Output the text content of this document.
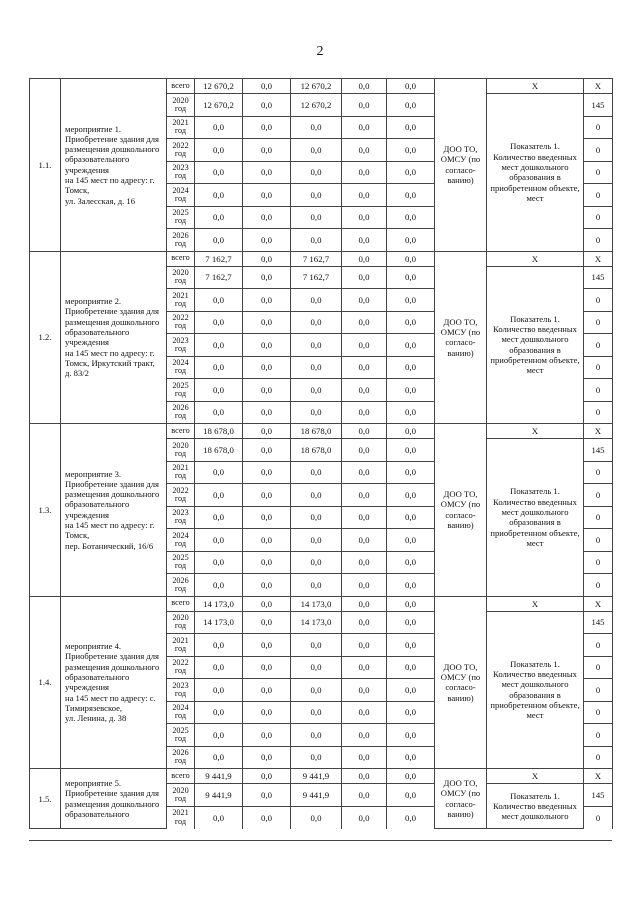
2
1.1.	мероприятие 1.
Приобретение здания для размещения дошкольного образовательного учреждения
на 145 мест по адресу: г. Томск,
ул. Залесская, д. 16	всего	12 670,2	0,0	12 670,2	0,0	0,0	ДОО ТО, ОМСУ (по согласо-ванию)	Х	Х
		2020
год	12 670,2	0,0	12 670,2	0,0	0,0		Показатель 1. Количество введенных мест дошкольного образования в приобретенном объекте, мест	145
		2021
год	0,0	0,0	0,0	0,0	0,0			0
		2022
год	0,0	0,0	0,0	0,0	0,0			0
		2023
год	0,0	0,0	0,0	0,0	0,0			0
		2024
год	0,0	0,0	0,0	0,0	0,0			0
		2025
год	0,0	0,0	0,0	0,0	0,0			0
		2026
год	0,0	0,0	0,0	0,0	0,0			0
1.2.	мероприятие 2.
Приобретение здания для размещения дошкольного образовательного учреждения
на 145 мест по адресу: г. Томск, Иркутский тракт, д. 83/2	всего	7 162,7	0,0	7 162,7	0,0	0,0	ДОО ТО, ОМСУ (по согласо-ванию)	Х	Х
		2020
год	7 162,7	0,0	7 162,7	0,0	0,0		Показатель 1. Количество введенных мест дошкольного образования в приобретенном объекте, мест	145
		2021
год	0,0	0,0	0,0	0,0	0,0			0
		2022
год	0,0	0,0	0,0	0,0	0,0			0
		2023
год	0,0	0,0	0,0	0,0	0,0			0
		2024
год	0,0	0,0	0,0	0,0	0,0			0
		2025
год	0,0	0,0	0,0	0,0	0,0			0
		2026
год	0,0	0,0	0,0	0,0	0,0			0
1.3.	мероприятие 3.
Приобретение здания для размещения дошкольного образовательного учреждения
на 145 мест по адресу: г. Томск,
пер. Ботанический, 16/6	всего	18 678,0	0,0	18 678,0	0,0	0,0	ДОО ТО, ОМСУ (по согласо-ванию)	Х	Х
		2020
год	18 678,0	0,0	18 678,0	0,0	0,0		Показатель 1. Количество введенных мест дошкольного образования в приобретенном объекте, мест	145
		2021
год	0,0	0,0	0,0	0,0	0,0			0
		2022
год	0,0	0,0	0,0	0,0	0,0			0
		2023
год	0,0	0,0	0,0	0,0	0,0			0
		2024
год	0,0	0,0	0,0	0,0	0,0			0
		2025
год	0,0	0,0	0,0	0,0	0,0			0
		2026
год	0,0	0,0	0,0	0,0	0,0			0
1.4.	мероприятие 4.
Приобретение здания для размещения дошкольного образовательного учреждения
на 145 мест по адресу: с. Тимирязевское,
ул. Ленина, д. 38	всего	14 173,0	0,0	14 173,0	0,0	0,0	ДОО ТО, ОМСУ (по согласо-ванию)	Х	Х
		2020
год	14 173,0	0,0	14 173,0	0,0	0,0		Показатель 1. Количество введенных мест дошкольного образования в приобретенном объекте, мест	145
		2021
год	0,0	0,0	0,0	0,0	0,0			0
		2022
год	0,0	0,0	0,0	0,0	0,0			0
		2023
год	0,0	0,0	0,0	0,0	0,0			0
		2024
год	0,0	0,0	0,0	0,0	0,0			0
		2025
год	0,0	0,0	0,0	0,0	0,0			0
		2026
год	0,0	0,0	0,0	0,0	0,0			0
1.5.	мероприятие 5.
Приобретение здания для размещения дошкольного образовательного	всего	9 441,9	0,0	9 441,9	0,0	0,0	ДОО ТО, ОМСУ (по согласо-ванию)	Х	Х
		2020
год	9 441,9	0,0	9 441,9	0,0	0,0		Показатель 1. Количество введенных мест дошкольного	145
		2021
год	0,0	0,0	0,0	0,0	0,0			0
